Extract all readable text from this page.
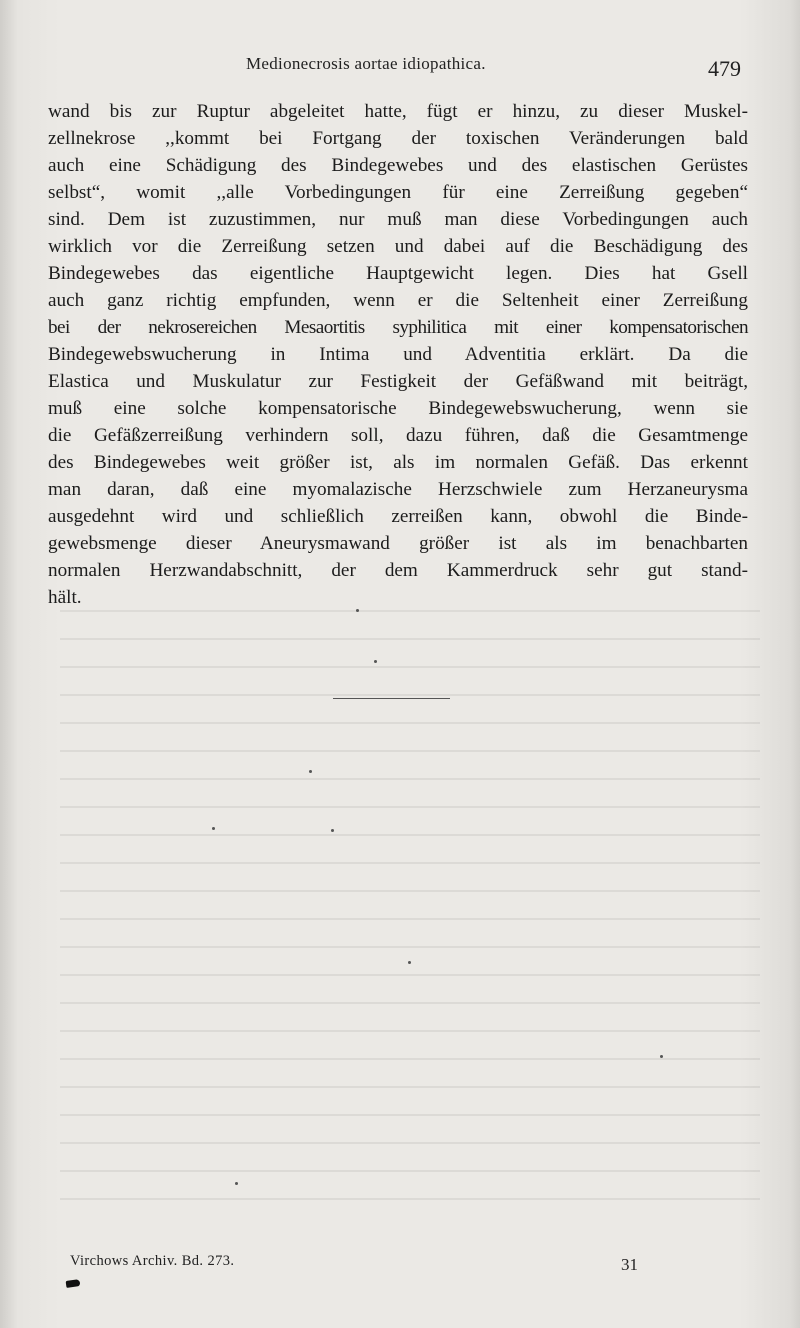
Medionecrosis aortae idiopathica.	479
wand bis zur Ruptur abgeleitet hatte, fügt er hinzu, zu dieser Muskel-
zellnekrose ,,kommt bei Fortgang der toxischen Veränderungen bald
auch eine Schädigung des Bindegewebes und des elastischen Gerüstes
selbst“, womit ,,alle Vorbedingungen für eine Zerreißung gegeben“
sind. Dem ist zuzustimmen, nur muß man diese Vorbedingungen auch
wirklich vor die Zerreißung setzen und dabei auf die Beschädigung des
Bindegewebes das eigentliche Hauptgewicht legen. Dies hat Gsell
auch ganz richtig empfunden, wenn er die Seltenheit einer Zerreißung
bei der nekrosereichen Mesaortitis syphilitica mit einer kompensatorischen
Bindegewebswucherung in Intima und Adventitia erklärt. Da die
Elastica und Muskulatur zur Festigkeit der Gefäßwand mit beiträgt,
muß eine solche kompensatorische Bindegewebswucherung, wenn sie
die Gefäßzerreißung verhindern soll, dazu führen, daß die Gesamtmenge
des Bindegewebes weit größer ist, als im normalen Gefäß. Das erkennt
man daran, daß eine myomalazische Herzschwiele zum Herzaneurysma
ausgedehnt wird und schließlich zerreißen kann, obwohl die Binde-
gewebsmenge dieser Aneurysmawand größer ist als im benachbarten
normalen Herzwandabschnitt, der dem Kammerdruck sehr gut stand-
hält.
Virchows Archiv. Bd. 273.	31
